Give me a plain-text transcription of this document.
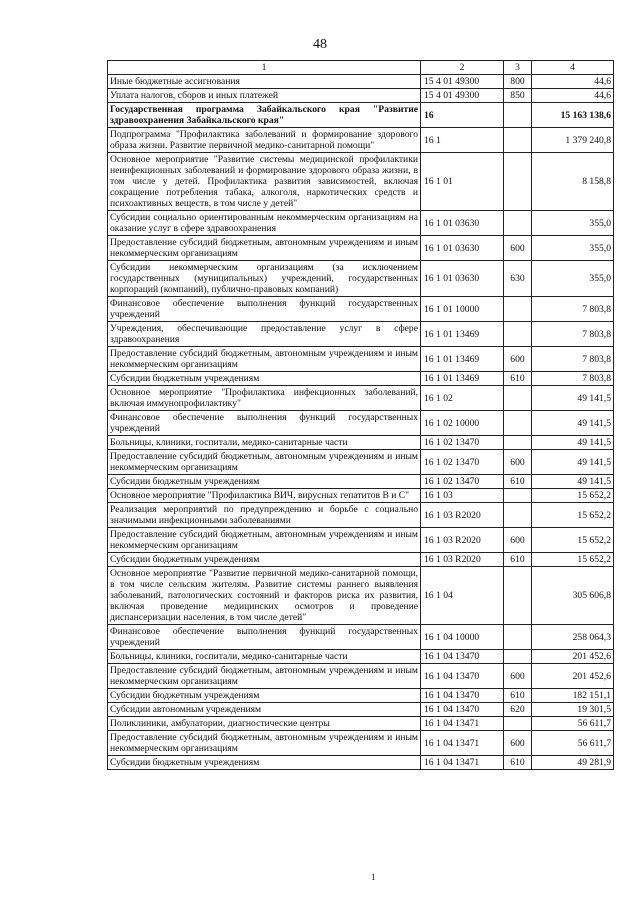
48
1	2	3	4
Иные бюджетные ассигнования	15 4 01 49300	800	44,6
Уплата налогов, сборов и иных платежей	15 4 01 49300	850	44,6
Государственная программа Забайкальского края "Развитие здравоохранения Забайкальского края"	16		15 163 138,6
Подпрограмма "Профилактика заболеваний и формирование здорового образа жизни. Развитие первичной медико-санитарной помощи"	16 1		1 379 240,8
Основное мероприятие "Развитие системы медицинской профилактики неинфекционных заболеваний и формирование здорового образа жизни, в том числе у детей. Профилактика развития зависимостей, включая сокращение потребления табака, алкоголя, наркотических средств и психоактивных веществ, в том числе у детей"	16 1 01		8 158,8
Субсидии социально ориентированным некоммерческим организациям на оказание услуг в сфере здравоохранения	16 1 01 03630		355,0
Предоставление субсидий бюджетным, автономным учреждениям и иным некоммерческим организациям	16 1 01 03630	600	355,0
Субсидии некоммерческим организациям (за исключением государственных (муниципальных) учреждений, государственных корпораций (компаний), публично-правовых компаний)	16 1 01 03630	630	355,0
Финансовое обеспечение выполнения функций государственных учреждений	16 1 01 10000		7 803,8
Учреждения, обеспечивающие предоставление услуг в сфере здравоохранения	16 1 01 13469		7 803,8
Предоставление субсидий бюджетным, автономным учреждениям и иным некоммерческим организациям	16 1 01 13469	600	7 803,8
Субсидии бюджетным учреждениям	16 1 01 13469	610	7 803,8
Основное мероприятие "Профилактика инфекционных заболеваний, включая иммунопрофилактику"	16 1 02		49 141,5
Финансовое обеспечение выполнения функций государственных учреждений	16 1 02 10000		49 141,5
Больницы, клиники, госпитали, медико-санитарные части	16 1 02 13470		49 141,5
Предоставление субсидий бюджетным, автономным учреждениям и иным некоммерческим организациям	16 1 02 13470	600	49 141,5
Субсидии бюджетным учреждениям	16 1 02 13470	610	49 141,5
Основное мероприятие "Профилактика ВИЧ, вирусных гепатитов В и С"	16 1 03		15 652,2
Реализация мероприятий по предупреждению и борьбе с социально значимыми инфекционными заболеваниями	16 1 03 R2020		15 652,2
Предоставление субсидий бюджетным, автономным учреждениям и иным некоммерческим организациям	16 1 03 R2020	600	15 652,2
Субсидии бюджетным учреждениям	16 1 03 R2020	610	15 652,2
Основное мероприятие "Развитие первичной медико-санитарной помощи, в том числе сельским жителям. Развитие системы раннего выявления заболеваний, патологических состояний и факторов риска их развития, включая проведение медицинских осмотров и проведение диспансеризации населения, в том числе детей"	16 1 04		305 606,8
Финансовое обеспечение выполнения функций государственных учреждений	16 1 04 10000		258 064,3
Больницы, клиники, госпитали, медико-санитарные части	16 1 04 13470		201 452,6
Предоставление субсидий бюджетным, автономным учреждениям и иным некоммерческим организациям	16 1 04 13470	600	201 452,6
Субсидии бюджетным учреждениям	16 1 04 13470	610	182 151,1
Субсидии автономным учреждениям	16 1 04 13470	620	19 301,5
Поликлиники, амбулатории, диагностические центры	16 1 04 13471		56 611,7
Предоставление субсидий бюджетным, автономным учреждениям и иным некоммерческим организациям	16 1 04 13471	600	56 611,7
Субсидии бюджетным учреждениям	16 1 04 13471	610	49 281,9
1
